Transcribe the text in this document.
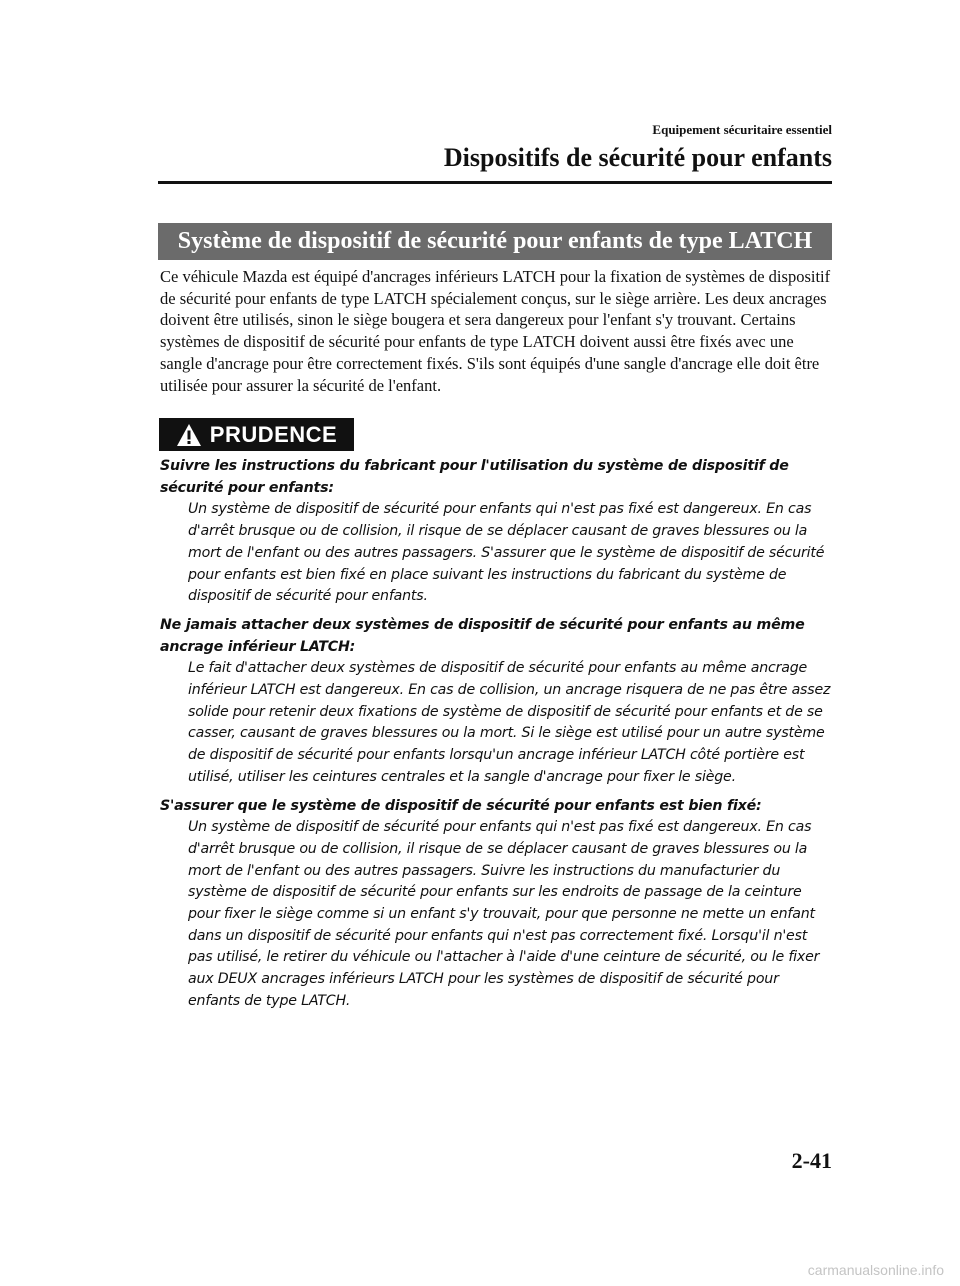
Equipement sécuritaire essentiel
Dispositifs de sécurité pour enfants
Système de dispositif de sécurité pour enfants de type LATCH

Ce véhicule Mazda est équipé d'ancrages inférieurs LATCH pour la fixation de systèmes de dispositif de sécurité pour enfants de type LATCH spécialement conçus, sur le siège arrière. Les deux ancrages doivent être utilisés, sinon le siège bougera et sera dangereux pour l'enfant s'y trouvant. Certains systèmes de dispositif de sécurité pour enfants de type LATCH doivent aussi être fixés avec une sangle d'ancrage pour être correctement fixés. S'ils sont équipés d'une sangle d'ancrage elle doit être utilisée pour assurer la sécurité de l'enfant.

PRUDENCE

Suivre les instructions du fabricant pour l'utilisation du système de dispositif de sécurité pour enfants:

Un système de dispositif de sécurité pour enfants qui n'est pas fixé est dangereux. En cas d'arrêt brusque ou de collision, il risque de se déplacer causant de graves blessures ou la mort de l'enfant ou des autres passagers. S'assurer que le système de dispositif de sécurité pour enfants est bien fixé en place suivant les instructions du fabricant du système de dispositif de sécurité pour enfants.

Ne jamais attacher deux systèmes de dispositif de sécurité pour enfants au même ancrage inférieur LATCH:

Le fait d'attacher deux systèmes de dispositif de sécurité pour enfants au même ancrage inférieur LATCH est dangereux. En cas de collision, un ancrage risquera de ne pas être assez solide pour retenir deux fixations de système de dispositif de sécurité pour enfants et de se casser, causant de graves blessures ou la mort. Si le siège est utilisé pour un autre système de dispositif de sécurité pour enfants lorsqu'un ancrage inférieur LATCH côté portière est utilisé, utiliser les ceintures centrales et la sangle d'ancrage pour fixer le siège.

S'assurer que le système de dispositif de sécurité pour enfants est bien fixé:

Un système de dispositif de sécurité pour enfants qui n'est pas fixé est dangereux. En cas d'arrêt brusque ou de collision, il risque de se déplacer causant de graves blessures ou la mort de l'enfant ou des autres passagers. Suivre les instructions du manufacturier du système de dispositif de sécurité pour enfants sur les endroits de passage de la ceinture pour fixer le siège comme si un enfant s'y trouvait, pour que personne ne mette un enfant dans un dispositif de sécurité pour enfants qui n'est pas correctement fixé. Lorsqu'il n'est pas utilisé, le retirer du véhicule ou l'attacher à l'aide d'une ceinture de sécurité, ou le fixer aux DEUX ancrages inférieurs LATCH pour les systèmes de dispositif de sécurité pour enfants de type LATCH.

2-41
carmanualsonline.info
